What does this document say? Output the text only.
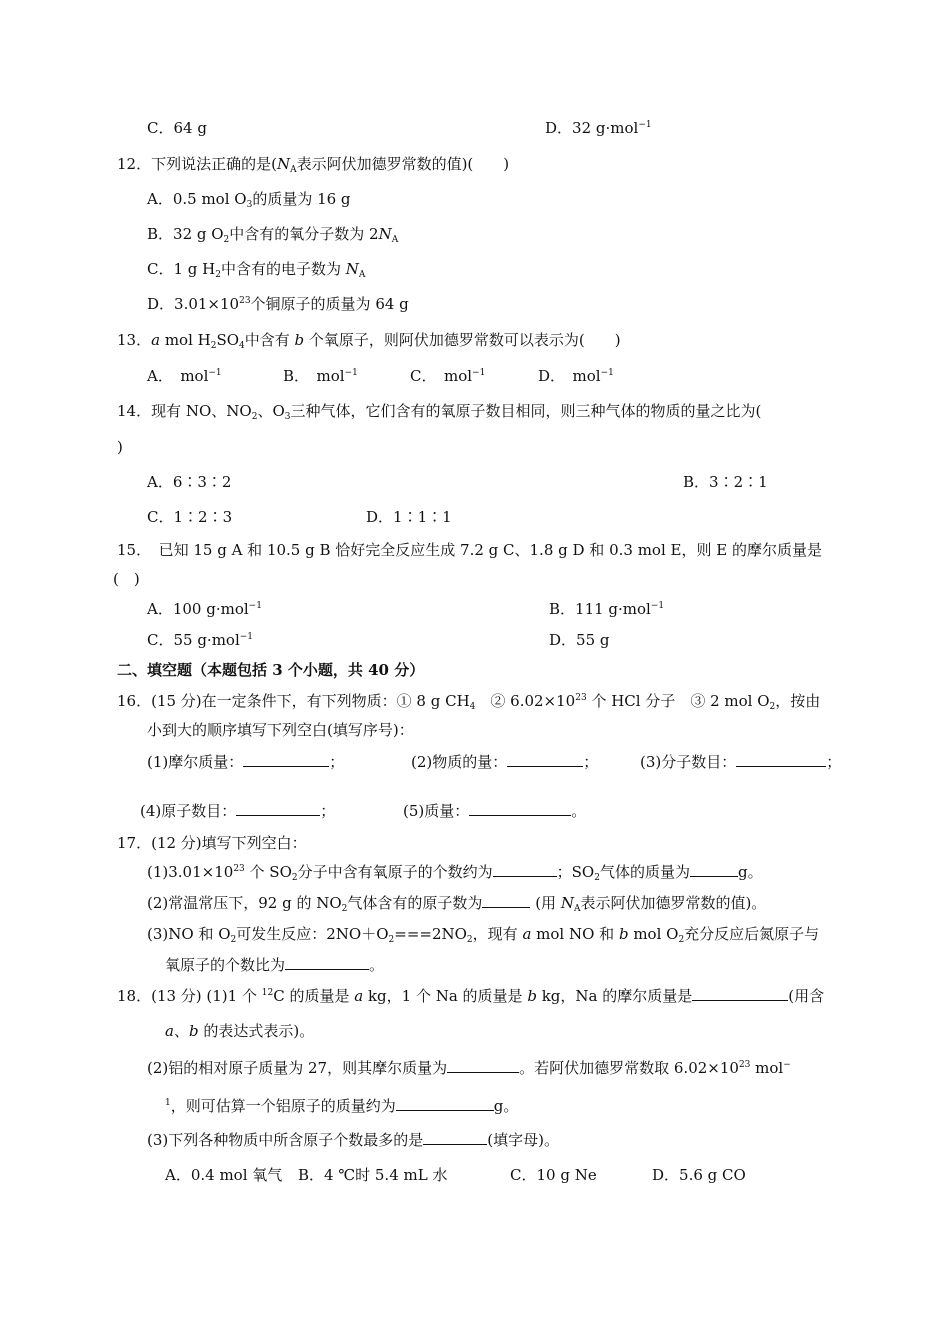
C．64 g	D．32 g·mol$^{-1}$
12．下列说法正确的是($N_A$表示阿伏加德罗常数的值)(　　)
A．0.5 mol $O_3$的质量为 16 g
B．32 g $O_2$中含有的氧分子数为 $2N_A$
C．1 g $H_2$中含有的电子数为 $N_A$
D．$3.01\times 10^{23}$个铜原子的质量为 64 g
13．a mol $H_2SO_4$中含有 b 个氧原子，则阿伏加德罗常数可以表示为(　　)
A．　mol$^{-1}$	B．　mol$^{-1}$	C．　mol$^{-1}$	D．　mol$^{-1}$
14．现有 NO、$NO_2$、$O_3$三种气体，它们含有的氧原子数目相同，则三种气体的物质的量之比为(
)
A．6∶3∶2	B．3∶2∶1
C．1∶2∶3	D．1∶1∶1
15．　已知 15 g A 和 10.5 g B 恰好完全反应生成 7.2 g C、1.8 g D 和 0.3 mol E，则 E 的摩尔质量是
(　)
A．100 g·mol$^{-1}$	B．111 g·mol$^{-1}$
C．55 g·mol$^{-1}$	D．55 g
二、填空题（本题包括 3 个小题，共 40 分）
16．(15 分)在一定条件下，有下列物质：① 8 g $CH_4$　② $6.02\times 10^{23}$ 个 HCl 分子　③ 2 mol $O_2$，按由
小到大的顺序填写下列空白(填写序号)：
(1)摩尔质量：	；	(2)物质的量：	；	(3)分子数目：	；
(4)原子数目：	；	(5)质量：	。
17．(12 分)填写下列空白：
$(1)3.01\times 10^{23}$ 个 $SO_2$分子中含有氧原子的个数约为	；$SO_2$气体的质量为	g。
(2)常温常压下，92 g 的 $NO_2$气体含有的原子数为	(用 $N_A$表示阿伏加德罗常数的值)。
(3)NO 和 $O_2$可发生反应：$2NO+O_2===2NO_2$，现有 a mol NO 和 b mol $O_2$充分反应后氮原子与
氧原子的个数比为	。
18．(13 分) (1)1 个 $^{12}$C 的质量是 a kg，1 个 Na 的质量是 b kg，Na 的摩尔质量是	(用含
a、b 的表达式表示)。
(2)铝的相对原子质量为 27，则其摩尔质量为	。若阿伏加德罗常数取 $6.02\times 10^{23}$ mol−
$^1$，则可估算一个铝原子的质量约为	g。
(3)下列各种物质中所含原子个数最多的是	(填字母)。
A．0.4 mol 氧气 B．4 ℃时 5.4 mL 水	C．10 g Ne	D．5.6 g CO
